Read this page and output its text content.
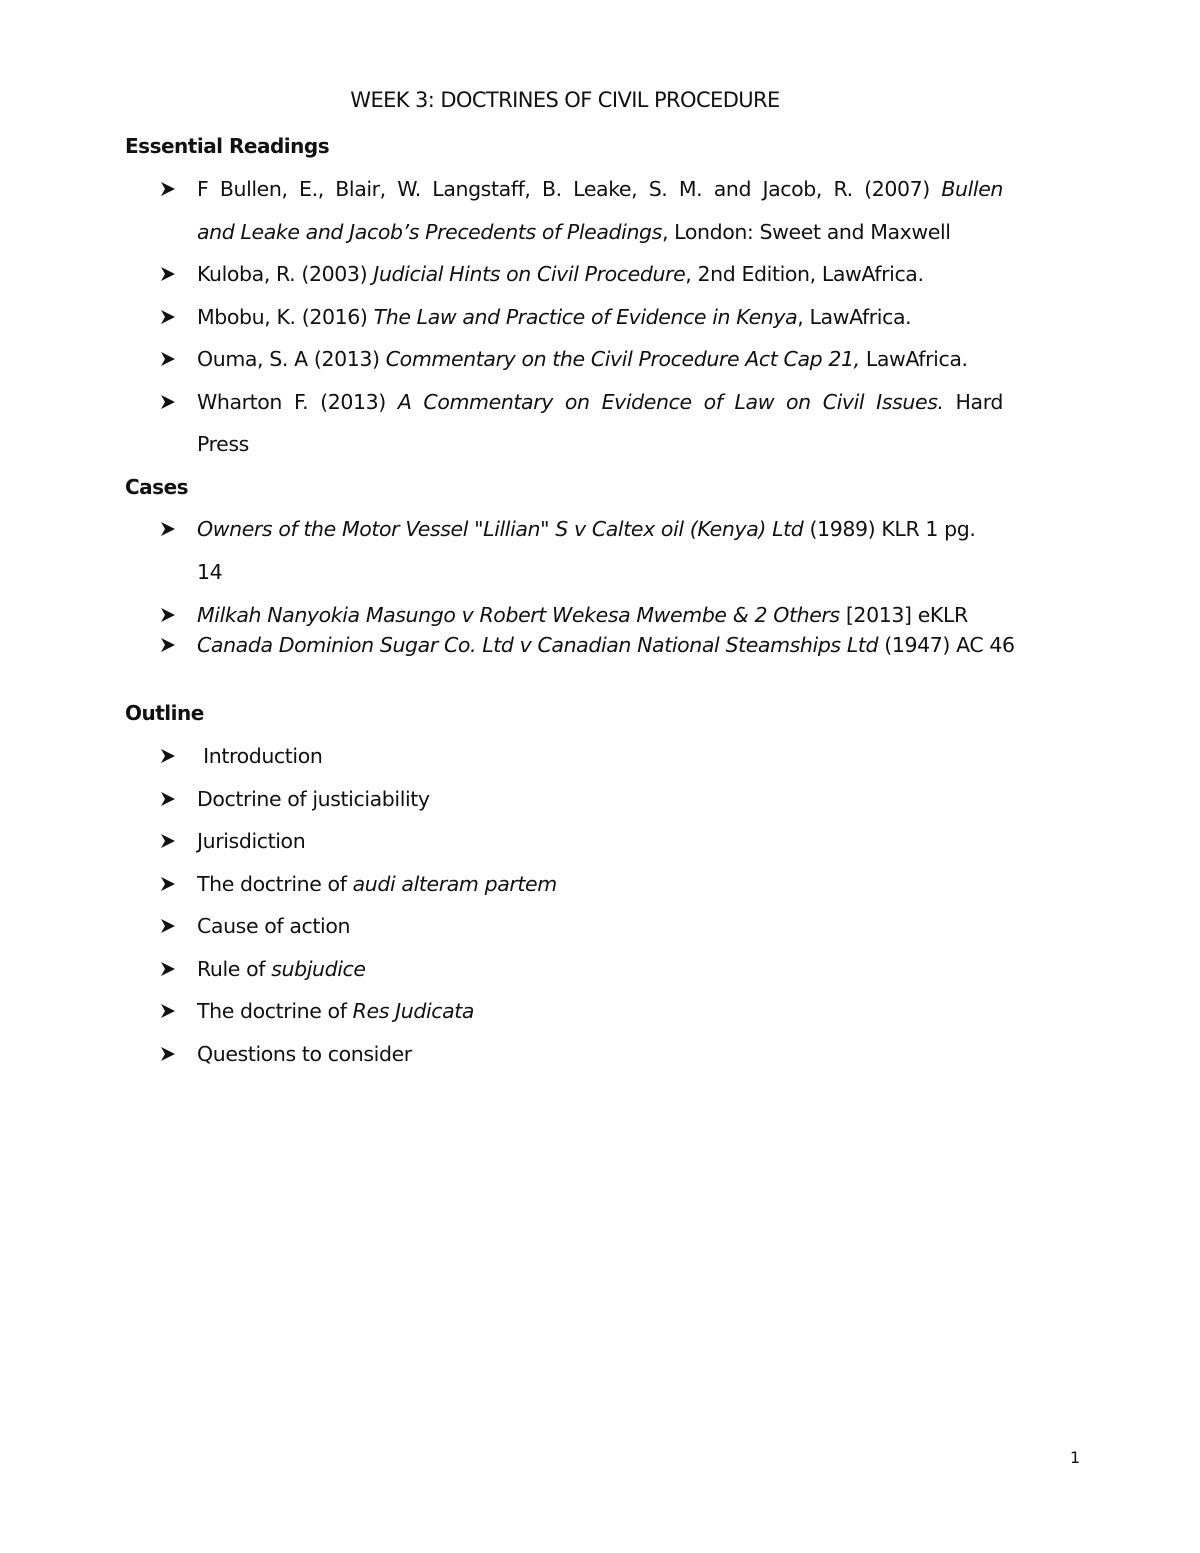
WEEK 3: DOCTRINES OF CIVIL PROCEDURE
Essential Readings
F Bullen, E., Blair, W. Langstaff, B. Leake, S. M. and Jacob, R. (2007) Bullen
and Leake and Jacob’s Precedents of Pleadings, London: Sweet and Maxwell
Kuloba, R. (2003) Judicial Hints on Civil Procedure, 2nd Edition, LawAfrica.
Mbobu, K. (2016) The Law and Practice of Evidence in Kenya, LawAfrica.
Ouma, S. A (2013) Commentary on the Civil Procedure Act Cap 21, LawAfrica.
Wharton F. (2013) A Commentary on Evidence of Law on Civil Issues. Hard
Press
Cases
Owners of the Motor Vessel "Lillian" S v Caltex oil (Kenya) Ltd (1989) KLR 1 pg.
14
Milkah Nanyokia Masungo v Robert Wekesa Mwembe & 2 Others [2013] eKLR
Canada Dominion Sugar Co. Ltd v Canadian National Steamships Ltd (1947) AC 46
Outline
Introduction
Doctrine of justiciability
Jurisdiction
The doctrine of audi alteram partem
Cause of action
Rule of subjudice
The doctrine of Res Judicata
Questions to consider
1
